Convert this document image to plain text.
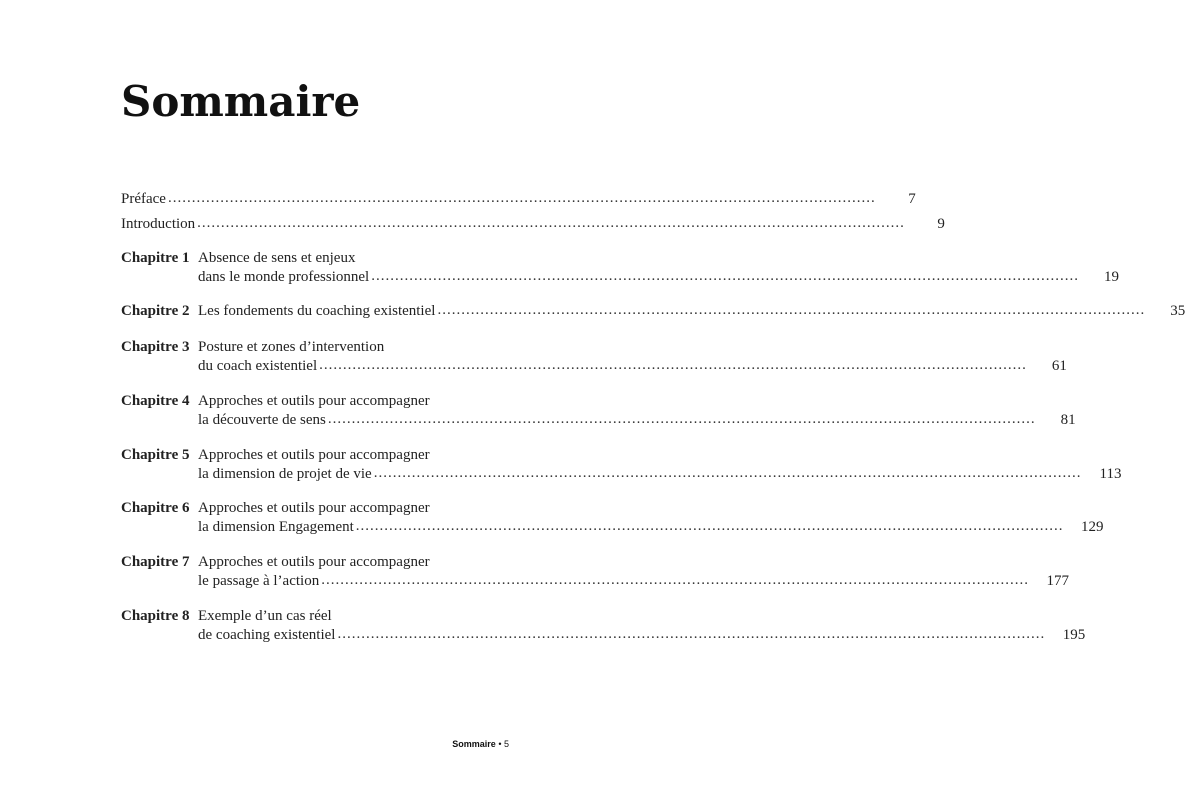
Sommaire
Préface .....................................................................................................................................................	7
Introduction .....................................................................................................................................................	9
Chapitre 1 Absence de sens et enjeux
dans le monde professionnel .....................................................................................................................................................	19
Chapitre 2 Les fondements du coaching existentiel .....................................................................................................................................................	35
Chapitre 3 Posture et zones d’intervention
du coach existentiel .....................................................................................................................................................	61
Chapitre 4 Approches et outils pour accompagner
la découverte de sens .....................................................................................................................................................	81
Chapitre 5 Approches et outils pour accompagner
la dimension de projet de vie .....................................................................................................................................................	113
Chapitre 6 Approches et outils pour accompagner
la dimension Engagement .....................................................................................................................................................	129
Chapitre 7 Approches et outils pour accompagner
le passage à l’action .....................................................................................................................................................	177
Chapitre 8 Exemple d’un cas réel
de coaching existentiel .....................................................................................................................................................	195
Sommaire • 5
